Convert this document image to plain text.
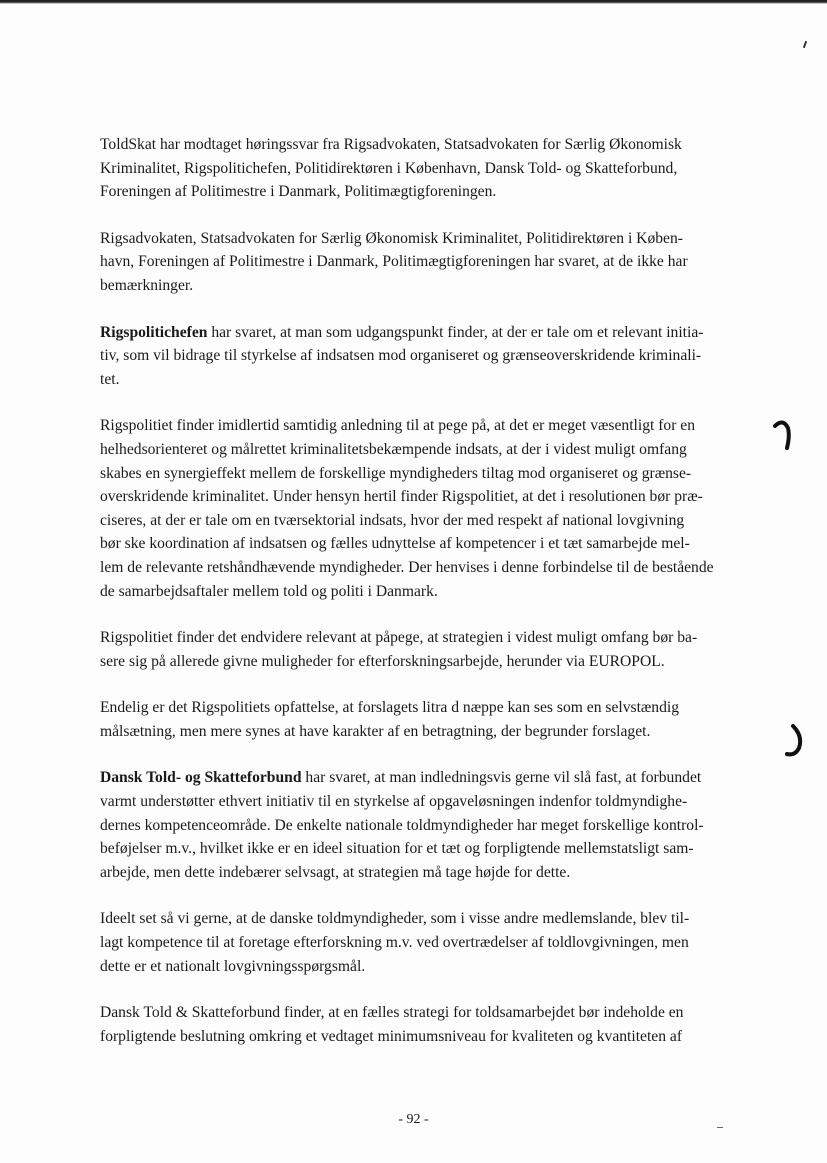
ToldSkat har modtaget høringssvar fra Rigsadvokaten, Statsadvokaten for Særlig Økonomisk
Kriminalitet, Rigspolitichefen, Politidirektøren i København, Dansk Told- og Skatteforbund,
Foreningen af Politimestre i Danmark, Politimægtigforeningen.

Rigsadvokaten, Statsadvokaten for Særlig Økonomisk Kriminalitet, Politidirektøren i Køben-
havn, Foreningen af Politimestre i Danmark, Politimægtigforeningen har svaret, at de ikke har
bemærkninger.

Rigspolitichefen har svaret, at man som udgangspunkt finder, at der er tale om et relevant initia-
tiv, som vil bidrage til styrkelse af indsatsen mod organiseret og grænseoverskridende kriminali-
tet.

Rigspolitiet finder imidlertid samtidig anledning til at pege på, at det er meget væsentligt for en
helhedsorienteret og målrettet kriminalitetsbekæmpende indsats, at der i videst muligt omfang
skabes en synergieffekt mellem de forskellige myndigheders tiltag mod organiseret og grænse-
overskridende kriminalitet. Under hensyn hertil finder Rigspolitiet, at det i resolutionen bør præ-
ciseres, at der er tale om en tværsektorial indsats, hvor der med respekt af national lovgivning
bør ske koordination af indsatsen og fælles udnyttelse af kompetencer i et tæt samarbejde mel-
lem de relevante retshåndhævende myndigheder. Der henvises i denne forbindelse til de bestående
de samarbejdsaftaler mellem told og politi i Danmark.

Rigspolitiet finder det endvidere relevant at påpege, at strategien i videst muligt omfang bør ba-
sere sig på allerede givne muligheder for efterforskningsarbejde, herunder via EUROPOL.

Endelig er det Rigspolitiets opfattelse, at forslagets litra d næppe kan ses som en selvstændig
målsætning, men mere synes at have karakter af en betragtning, der begrunder forslaget.

Dansk Told- og Skatteforbund har svaret, at man indledningsvis gerne vil slå fast, at forbundet
varmt understøtter ethvert initiativ til en styrkelse af opgaveløsningen indenfor toldmyndighe-
dernes kompetenceområde. De enkelte nationale toldmyndigheder har meget forskellige kontrol-
beføjelser m.v., hvilket ikke er en ideel situation for et tæt og forpligtende mellemstatsligt sam-
arbejde, men dette indebærer selvsagt, at strategien må tage højde for dette.

Ideelt set så vi gerne, at de danske toldmyndigheder, som i visse andre medlemslande, blev til-
lagt kompetence til at foretage efterforskning m.v. ved overtrædelser af toldlovgivningen, men
dette er et nationalt lovgivningsspørgsmål.

Dansk Told & Skatteforbund finder, at en fælles strategi for toldsamarbejdet bør indeholde en
forpligtende beslutning omkring et vedtaget minimumsniveau for kvaliteten og kvantiteten af

- 92 -
